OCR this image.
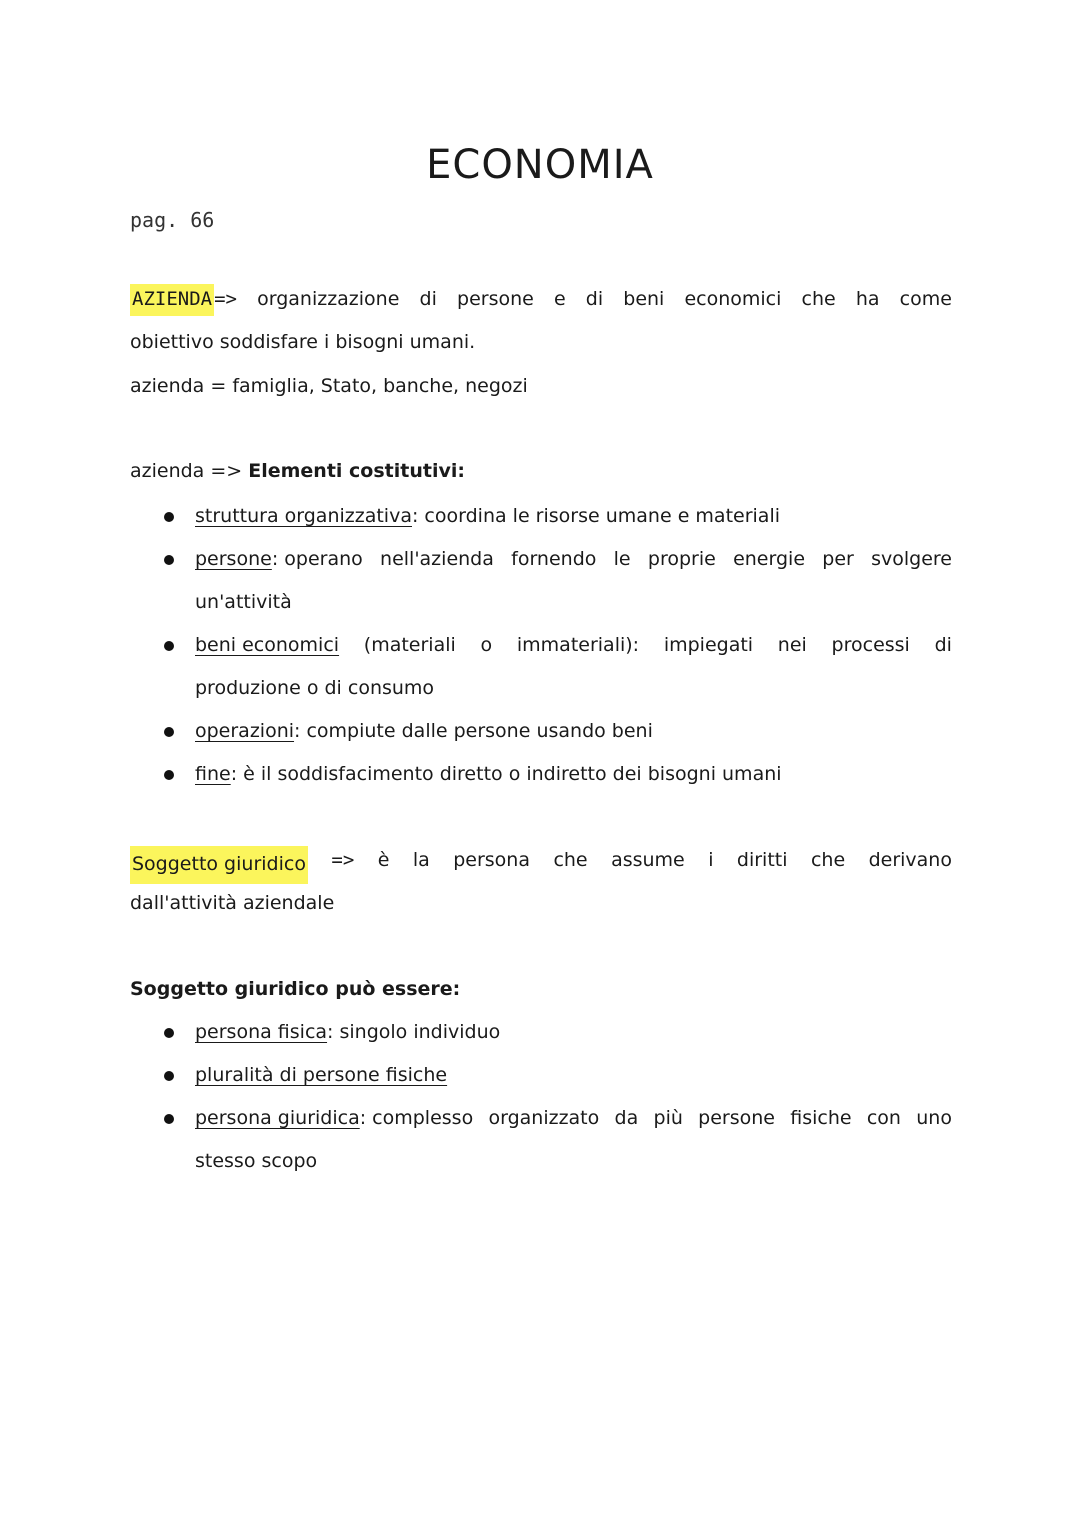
ECONOMIA
pag. 66
AZIENDA => organizzazione di persone e di beni economici che ha come
obiettivo soddisfare i bisogni umani.
azienda = famiglia, Stato, banche, negozi
azienda => Elementi costitutivi:
struttura organizzativa: coordina le risorse umane e materiali
persone: operano nell'azienda fornendo le proprie energie per svolgere
un'attività
beni economici (materiali o immateriali): impiegati nei processi di
produzione o di consumo
operazioni: compiute dalle persone usando beni
fine: è il soddisfacimento diretto o indiretto dei bisogni umani
Soggetto giuridico => è la persona che assume i diritti che derivano
dall'attività aziendale
Soggetto giuridico può essere:
persona fisica: singolo individuo
pluralità di persone fisiche
persona giuridica: complesso organizzato da più persone fisiche con uno
stesso scopo
